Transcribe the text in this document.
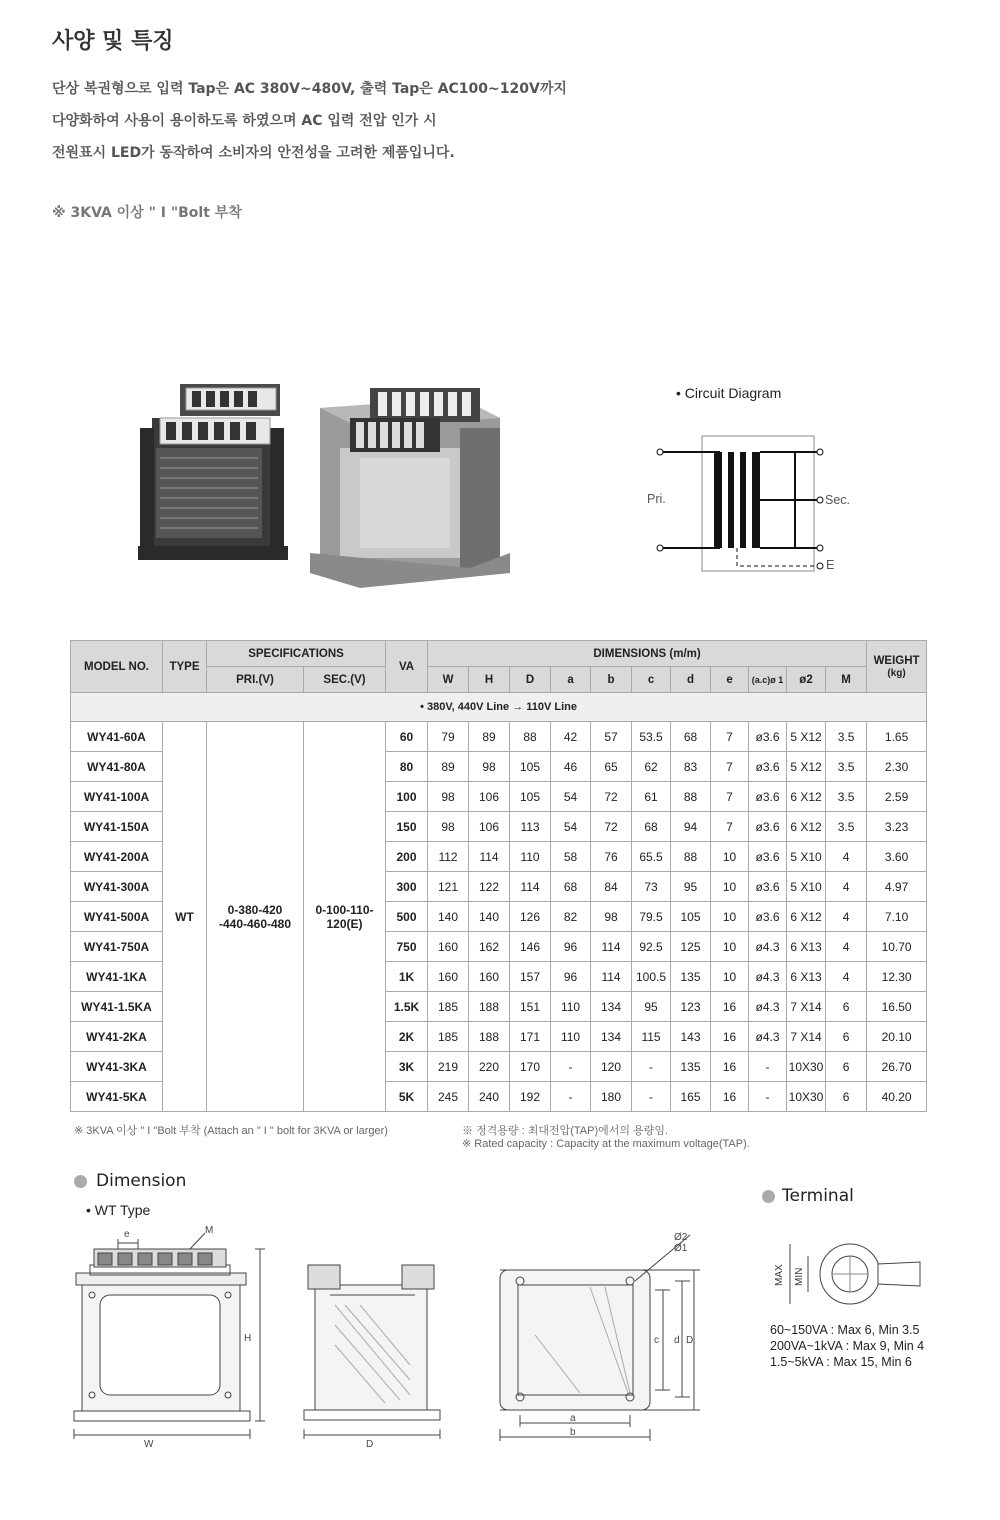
사양 및 특징
단상 복권형으로 입력 Tap은 AC 380V~480V, 출력 Tap은 AC100~120V까지
다양화하여 사용이 용이하도록 하였으며 AC 입력 전압 인가 시
전원표시 LED가 동작하여 소비자의 안전성을 고려한 제품입니다.
※ 3KVA 이상 " I "Bolt 부착
• Circuit Diagram
Pri.	Sec.
E
MODEL NO.	TYPE	SPECIFICATIONS		VA	DIMENSIONS (m/m)											WEIGHT
(kg)
		PRI.(V)	SEC.(V)		W	H	D	a	b	c	d	e	(a.c)ø 1	ø2	M	
• 380V, 440V Line → 110V Line																
WY41-60A	WT	0-380-420
-440-460-480	0-100-110-
120(E)	60	79	89	88	42	57	53.5	68	7	ø3.6	5 X12	3.5	1.65
WY41-80A				80	89	98	105	46	65	62	83	7	ø3.6	5 X12	3.5	2.30
WY41-100A				100	98	106	105	54	72	61	88	7	ø3.6	6 X12	3.5	2.59
WY41-150A				150	98	106	113	54	72	68	94	7	ø3.6	6 X12	3.5	3.23
WY41-200A				200	112	114	110	58	76	65.5	88	10	ø3.6	5 X10	4	3.60
WY41-300A				300	121	122	114	68	84	73	95	10	ø3.6	5 X10	4	4.97
WY41-500A				500	140	140	126	82	98	79.5	105	10	ø3.6	6 X12	4	7.10
WY41-750A				750	160	162	146	96	114	92.5	125	10	ø4.3	6 X13	4	10.70
WY41-1KA				1K	160	160	157	96	114	100.5	135	10	ø4.3	6 X13	4	12.30
WY41-1.5KA				1.5K	185	188	151	110	134	95	123	16	ø4.3	7 X14	6	16.50
WY41-2KA				2K	185	188	171	110	134	115	143	16	ø4.3	7 X14	6	20.10
WY41-3KA				3K	219	220	170	-	120	-	135	16	-	10X30	6	26.70
WY41-5KA				5K	245	240	192	-	180	-	165	16	-	10X30	6	40.20
※ 3KVA 이상 " I "Bolt 부착 (Attach an " I " bolt for 3KVA or larger)	※ 정격용량 : 최대전압(TAP)에서의 용량임.
※ Rated capacity : Capacity at the maximum voltage(TAP).
Dimension
• WT Type
e	M
H
W	D
c d D
a
b
Ø2
Ø1
Terminal
MAX MIN
60~150VA : Max 6, Min 3.5
200VA~1kVA : Max 9, Min 4
1.5~5kVA : Max 15, Min 6
